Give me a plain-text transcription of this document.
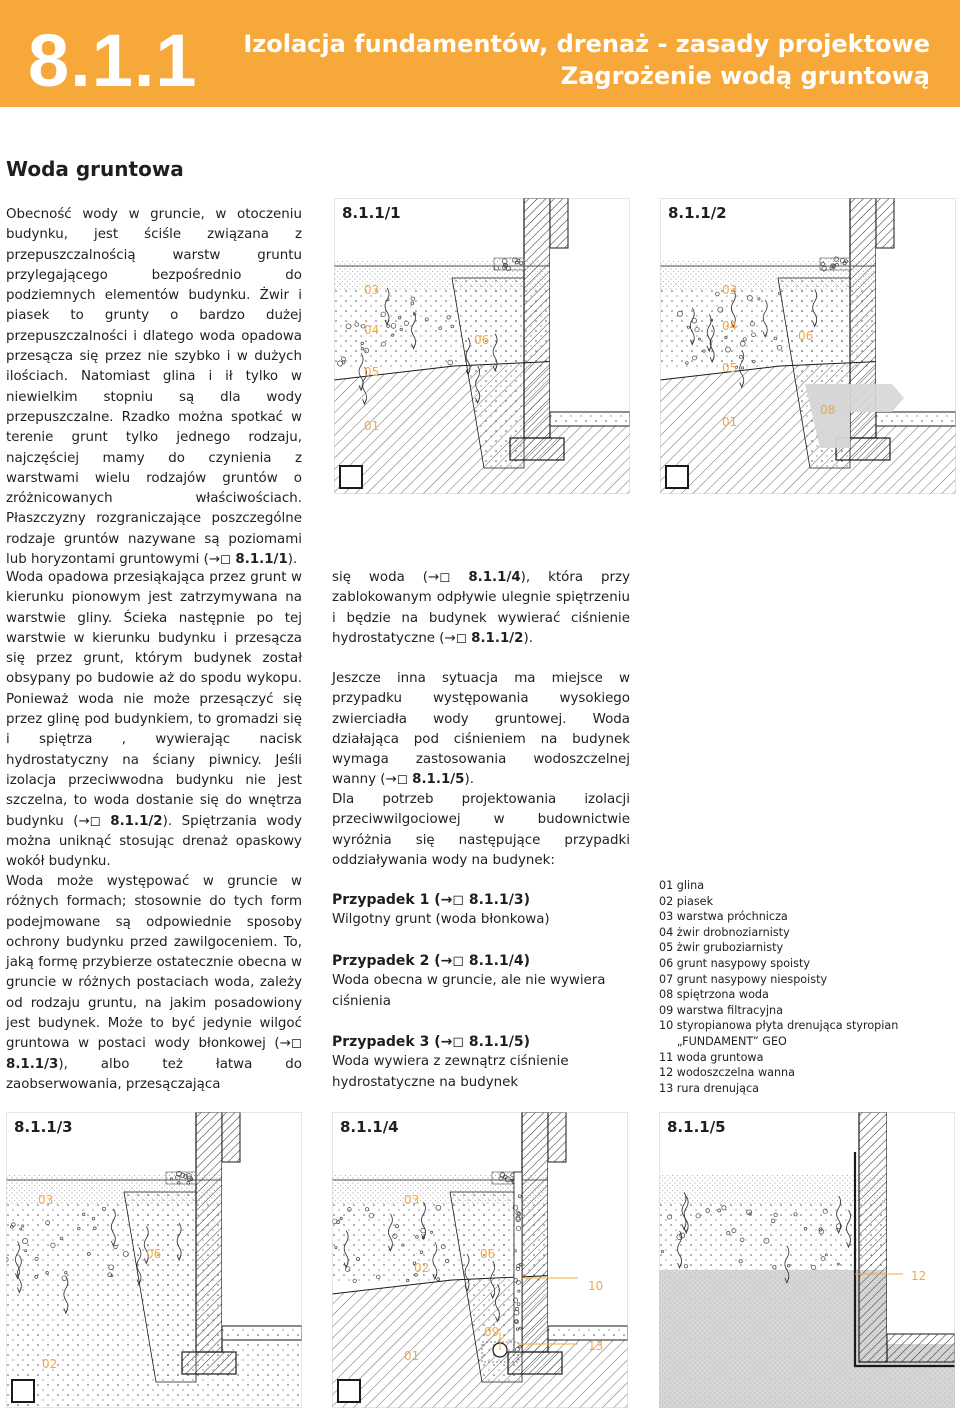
8.1.1 Izolacja fundamentów, drenaż - zasady projektowe
Zagrożenie wodą gruntową
Woda gruntowa

Obecność wody w gruncie, w otoczeniu budynku, jest ściśle związana z przepuszczalnością warstw gruntu przylegającego bezpośrednio do podziemnych elementów budynku. Żwir i piasek to grunty o bardzo dużej przepuszczalności i dlatego woda opadowa przesącza się przez nie szybko i w dużych ilościach. Natomiast glina i ił tylko w niewielkim stopniu są dla wody przepuszczalne. Rzadko można spotkać w terenie grunt tylko jednego rodzaju, najczęściej mamy do czynienia z warstwami wielu rodzajów gruntów o zróżnicowanych właściwościach. Płaszczyzny rozgraniczające poszczególne rodzaje gruntów nazywane są poziomami lub horyzontami gruntowymi (→◻ 8.1.1/1).

Woda opadowa przesiąkająca przez grunt w kierunku pionowym jest zatrzymywana na warstwie gliny. Ścieka następnie po tej warstwie w kierunku budynku i przesącza się przez grunt, którym budynek został obsypany po budowie aż do spodu wykopu. Ponieważ woda nie może przesączyć się przez glinę pod budynkiem, to gromadzi się i spiętrza , wywierając nacisk hydrostatyczny na ściany piwnicy. Jeśli izolacja przeciwwodna budynku nie jest szczelna, to woda dostanie się do wnętrza budynku (→◻ 8.1.1/2). Spiętrzania wody można uniknąć stosując drenaż opaskowy wokół budynku.

Woda może występować w gruncie w różnych formach; stosownie do tych form podejmowane są odpowiednie sposoby ochrony budynku przed zawilgoceniem. To, jaką formę przybierze ostatecznie obecna w gruncie w różnych postaciach woda, zależy od rodzaju gruntu, na jakim posadowiony jest budynek. Może to być jedynie wilgoć gruntowa w postaci wody błonkowej (→◻ 8.1.1/3), albo też łatwa do zaobserwowania, przesączająca

się woda (→◻ 8.1.1/4), która przy zablokowanym odpływie ulegnie spiętrzeniu i będzie na budynek wywierać ciśnienie hydrostatyczne (→◻ 8.1.1/2).

Jeszcze inna sytuacja ma miejsce w przypadku występowania wysokiego zwierciadła wody gruntowej. Woda działająca pod ciśnieniem na budynek wymaga zastosowania wodoszczelnej wanny (→◻ 8.1.1/5).

Dla potrzeb projektowania izolacji przeciwwilgociowej w budownictwie wyróżnia się następujące przypadki oddziaływania wody na budynek:

Przypadek 1 (→◻ 8.1.1/3)
Wilgotny grunt (woda błonkowa)
Przypadek 2 (→◻ 8.1.1/4)
Woda obecna w gruncie, ale nie wywiera ciśnienia
Przypadek 3 (→◻ 8.1.1/5)
Woda wywiera z zewnątrz ciśnienie hydrostatyczne na budynek
01 glina
02 piasek
03 warstwa próchnicza
04 żwir drobnoziarnisty
05 żwir gruboziarnisty
06 grunt nasypowy spoisty
07 grunt nasypowy niespoisty
08 spiętrzona woda
09 warstwa filtracyjna
10 styropianowa płyta drenująca styropian
„FUNDAMENT” GEO
11 woda gruntowa
12 wodoszczelna wanna
13 rura drenująca
03
04
05
01
06
8.1.1/1
03
04
05
01
06
08
8.1.1/2
03
06
02
8.1.1/3
03
06
02
10
09
01
13
8.1.1/4
12
8.1.1/5
